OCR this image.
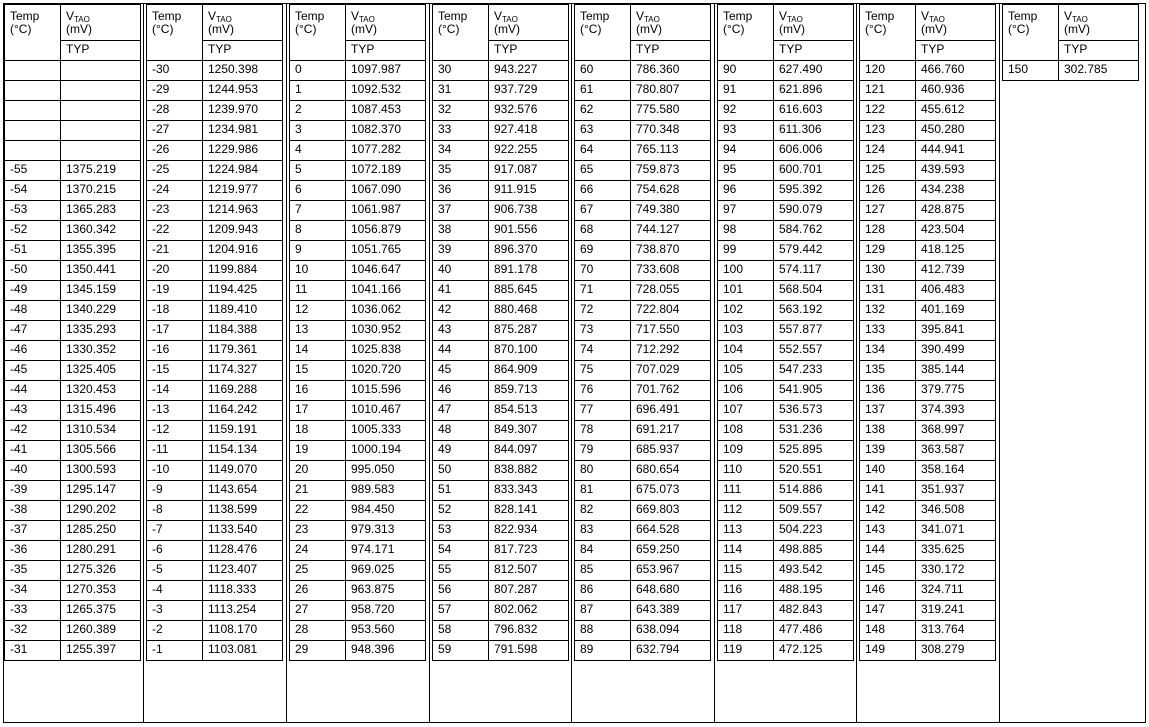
Temp
(°C)	$V_{TAO}$
(mV)

	TYP

-55	1375.219
-54	1370.215
-53	1365.283
-52	1360.342
-51	1355.395
-50	1350.441
-49	1345.159
-48	1340.229
-47	1335.293
-46	1330.352
-45	1325.405
-44	1320.453
-43	1315.496
-42	1310.534
-41	1305.566
-40	1300.593
-39	1295.147
-38	1290.202
-37	1285.250
-36	1280.291
-35	1275.326
-34	1270.353
-33	1265.375
-32	1260.389
-31	1255.397
Temp
(°C)	$V_{TAO}$
(mV)

	TYP
-30	1250.398
-29	1244.953
-28	1239.970
-27	1234.981
-26	1229.986
-25	1224.984
-24	1219.977
-23	1214.963
-22	1209.943
-21	1204.916
-20	1199.884
-19	1194.425
-18	1189.410
-17	1184.388
-16	1179.361
-15	1174.327
-14	1169.288
-13	1164.242
-12	1159.191
-11	1154.134
-10	1149.070
-9	1143.654
-8	1138.599
-7	1133.540
-6	1128.476
-5	1123.407
-4	1118.333
-3	1113.254
-2	1108.170
-1	1103.081
Temp
(°C)	$V_{TAO}$
(mV)

	TYP
0	1097.987
1	1092.532
2	1087.453
3	1082.370
4	1077.282
5	1072.189
6	1067.090
7	1061.987
8	1056.879
9	1051.765
10	1046.647
11	1041.166
12	1036.062
13	1030.952
14	1025.838
15	1020.720
16	1015.596
17	1010.467
18	1005.333
19	1000.194
20	995.050
21	989.583
22	984.450
23	979.313
24	974.171
25	969.025
26	963.875
27	958.720
28	953.560
29	948.396
Temp
(°C)	$V_{TAO}$
(mV)

	TYP
30	943.227
31	937.729
32	932.576
33	927.418
34	922.255
35	917.087
36	911.915
37	906.738
38	901.556
39	896.370
40	891.178
41	885.645
42	880.468
43	875.287
44	870.100
45	864.909
46	859.713
47	854.513
48	849.307
49	844.097
50	838.882
51	833.343
52	828.141
53	822.934
54	817.723
55	812.507
56	807.287
57	802.062
58	796.832
59	791.598
Temp
(°C)	$V_{TAO}$
(mV)

	TYP
60	786.360
61	780.807
62	775.580
63	770.348
64	765.113
65	759.873
66	754.628
67	749.380
68	744.127
69	738.870
70	733.608
71	728.055
72	722.804
73	717.550
74	712.292
75	707.029
76	701.762
77	696.491
78	691.217
79	685.937
80	680.654
81	675.073
82	669.803
83	664.528
84	659.250
85	653.967
86	648.680
87	643.389
88	638.094
89	632.794
Temp
(°C)	$V_{TAO}$
(mV)

	TYP
90	627.490
91	621.896
92	616.603
93	611.306
94	606.006
95	600.701
96	595.392
97	590.079
98	584.762
99	579.442
100	574.117
101	568.504
102	563.192
103	557.877
104	552.557
105	547.233
106	541.905
107	536.573
108	531.236
109	525.895
110	520.551
111	514.886
112	509.557
113	504.223
114	498.885
115	493.542
116	488.195
117	482.843
118	477.486
119	472.125
Temp
(°C)	$V_{TAO}$
(mV)

	TYP
120	466.760
121	460.936
122	455.612
123	450.280
124	444.941
125	439.593
126	434.238
127	428.875
128	423.504
129	418.125
130	412.739
131	406.483
132	401.169
133	395.841
134	390.499
135	385.144
136	379.775
137	374.393
138	368.997
139	363.587
140	358.164
141	351.937
142	346.508
143	341.071
144	335.625
145	330.172
146	324.711
147	319.241
148	313.764
149	308.279
Temp
(°C)	$V_{TAO}$
(mV)

	TYP
150	302.785
